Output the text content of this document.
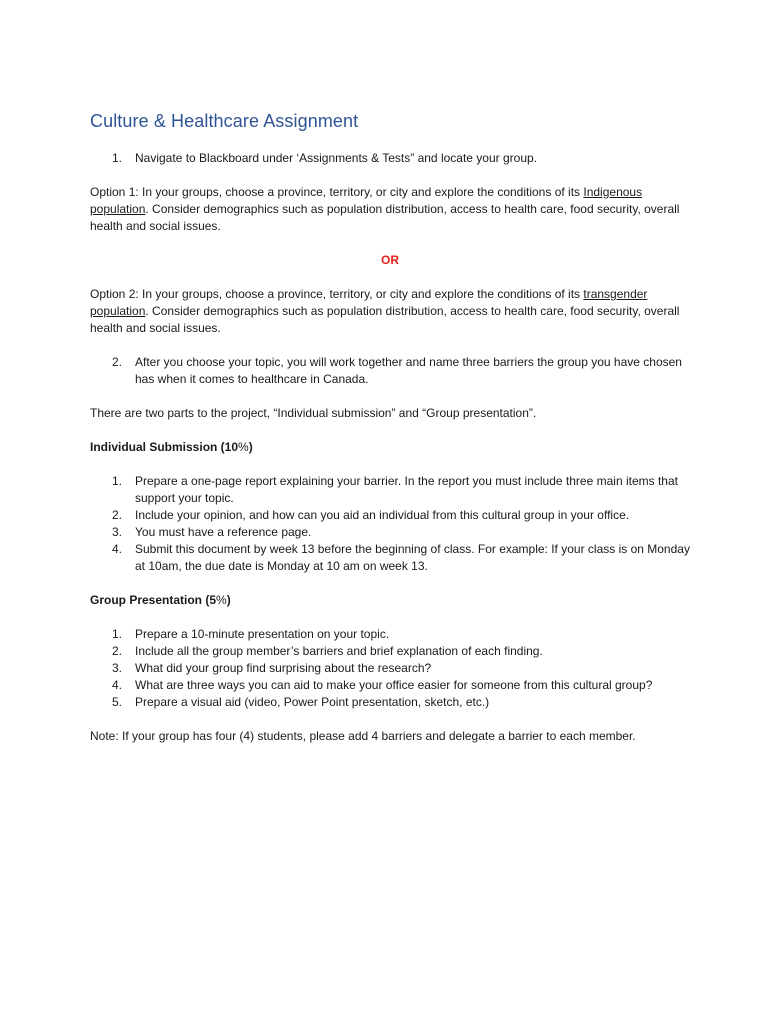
Culture & Healthcare Assignment
1. Navigate to Blackboard under ‘Assignments & Tests” and locate your group.

Option 1: In your groups, choose a province, territory, or city and explore the conditions of its Indigenous population. Consider demographics such as population distribution, access to health care, food security, overall health and social issues.

OR

Option 2: In your groups, choose a province, territory, or city and explore the conditions of its transgender population. Consider demographics such as population distribution, access to health care, food security, overall health and social issues.

2. After you choose your topic, you will work together and name three barriers the group you have chosen has when it comes to healthcare in Canada.

There are two parts to the project, “Individual submission” and “Group presentation”.

Individual Submission (10%)

1. Prepare a one-page report explaining your barrier. In the report you must include three main items that support your topic.
2. Include your opinion, and how can you aid an individual from this cultural group in your office.
3. You must have a reference page.
4. Submit this document by week 13 before the beginning of class. For example: If your class is on Monday at 10am, the due date is Monday at 10 am on week 13.

Group Presentation (5%)

1. Prepare a 10-minute presentation on your topic.
2. Include all the group member’s barriers and brief explanation of each finding.
3. What did your group find surprising about the research?
4. What are three ways you can aid to make your office easier for someone from this cultural group?
5. Prepare a visual aid (video, Power Point presentation, sketch, etc.)

Note: If your group has four (4) students, please add 4 barriers and delegate a barrier to each member.
